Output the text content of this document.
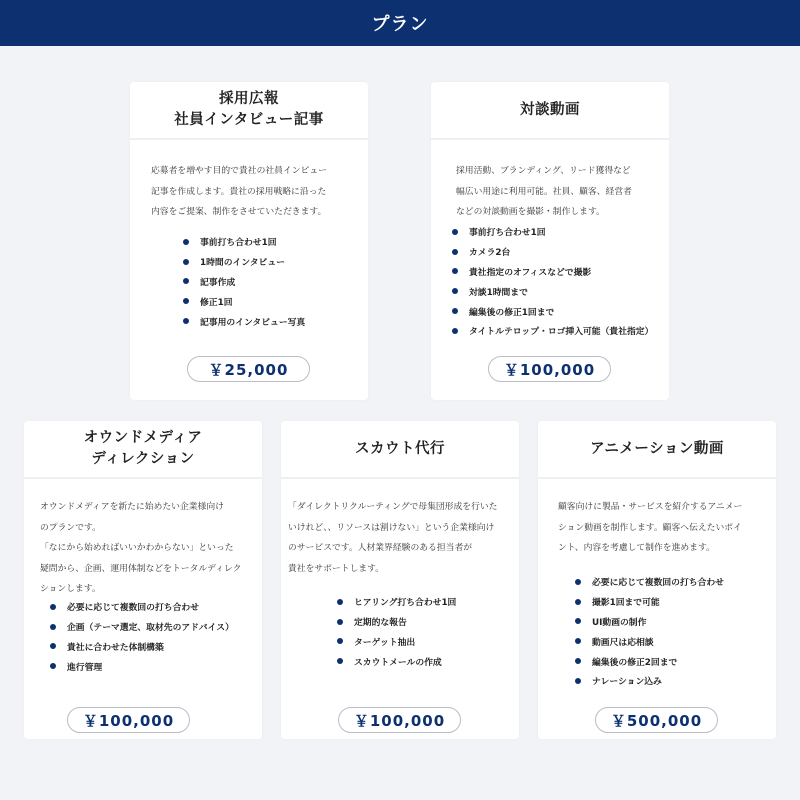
プラン
採用広報
社員インタビュー記事

応募者を増やす目的で貴社の社員インピュー

記事を作成します。貴社の採用戦略に沿った

内容をご提案、制作をさせていただきます。

事前打ち合わせ1回
1時間のインタビュー
記事作成
修正1回
記事用のインタビュー写真
￥25,000
対談動画

採用活動、ブランディング、リード獲得など

幅広い用途に利用可能。社員、顧客、経営者

などの対談動画を撮影・制作します。

事前打ち合わせ1回
カメラ2台
貴社指定のオフィスなどで撮影
対談1時間まで
編集後の修正1回まで
タイトルテロップ・ロゴ挿入可能（貴社指定）
￥100,000
オウンドメディア
ディレクション

オウンドメディアを新たに始めたい企業様向け

のプランです。

「なにから始めればいいかわからない」といった

疑問から、企画、運用体制などをトータルディレク

ションします。

必要に応じて複数回の打ち合わせ
企画（テーマ選定、取材先のアドバイス）
貴社に合わせた体制構築
進行管理
￥100,000
スカウト代行

「ダイレクトリクルーティングで母集団形成を行いた

いけれど、、リソースは割けない」という企業様向け

のサービスです。人材業界経験のある担当者が

貴社をサポートします。

ヒアリング打ち合わせ1回
定期的な報告
ターゲット抽出
スカウトメールの作成
￥100,000
アニメーション動画

顧客向けに製品・サービスを紹介するアニメー

ション動画を制作します。顧客へ伝えたいポイ

ント、内容を考慮して制作を進めます。

必要に応じて複数回の打ち合わせ
撮影1回まで可能
UI動画の制作
動画尺は応相談
編集後の修正2回まで
ナレーション込み
￥500,000
